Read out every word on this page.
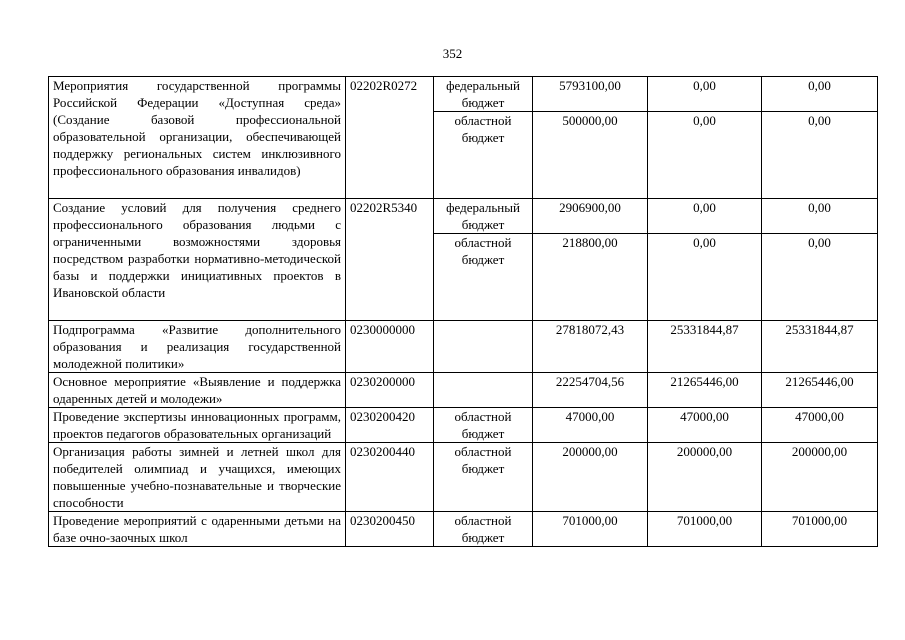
352
Мероприятия государственной программы Российской Федерации «Доступная среда» (Создание базовой профессиональной образовательной организации, обеспечивающей поддержку региональных систем инклюзивного профессионального образования инвалидов)	02202R0272	федеральный бюджет	5793100,00	0,00	0,00
		областной бюджет	500000,00	0,00	0,00
Создание условий для получения среднего профессионального образования людьми с ограниченными возможностями здоровья посредством разработки нормативно-методической базы и поддержки инициативных проектов в Ивановской области	02202R5340	федеральный бюджет	2906900,00	0,00	0,00
		областной бюджет	218800,00	0,00	0,00
Подпрограмма «Развитие дополнительного образования и реализация государственной молодежной политики»	0230000000		27818072,43	25331844,87	25331844,87
Основное мероприятие «Выявление и поддержка одаренных детей и молодежи»	0230200000		22254704,56	21265446,00	21265446,00
Проведение экспертизы инновационных программ, проектов педагогов образовательных организаций	0230200420	областной бюджет	47000,00	47000,00	47000,00
Организация работы зимней и летней школ для победителей олимпиад и учащихся, имеющих повышенные учебно-познавательные и творческие способности	0230200440	областной бюджет	200000,00	200000,00	200000,00
Проведение мероприятий с одаренными детьми на базе очно-заочных школ	0230200450	областной бюджет	701000,00	701000,00	701000,00
